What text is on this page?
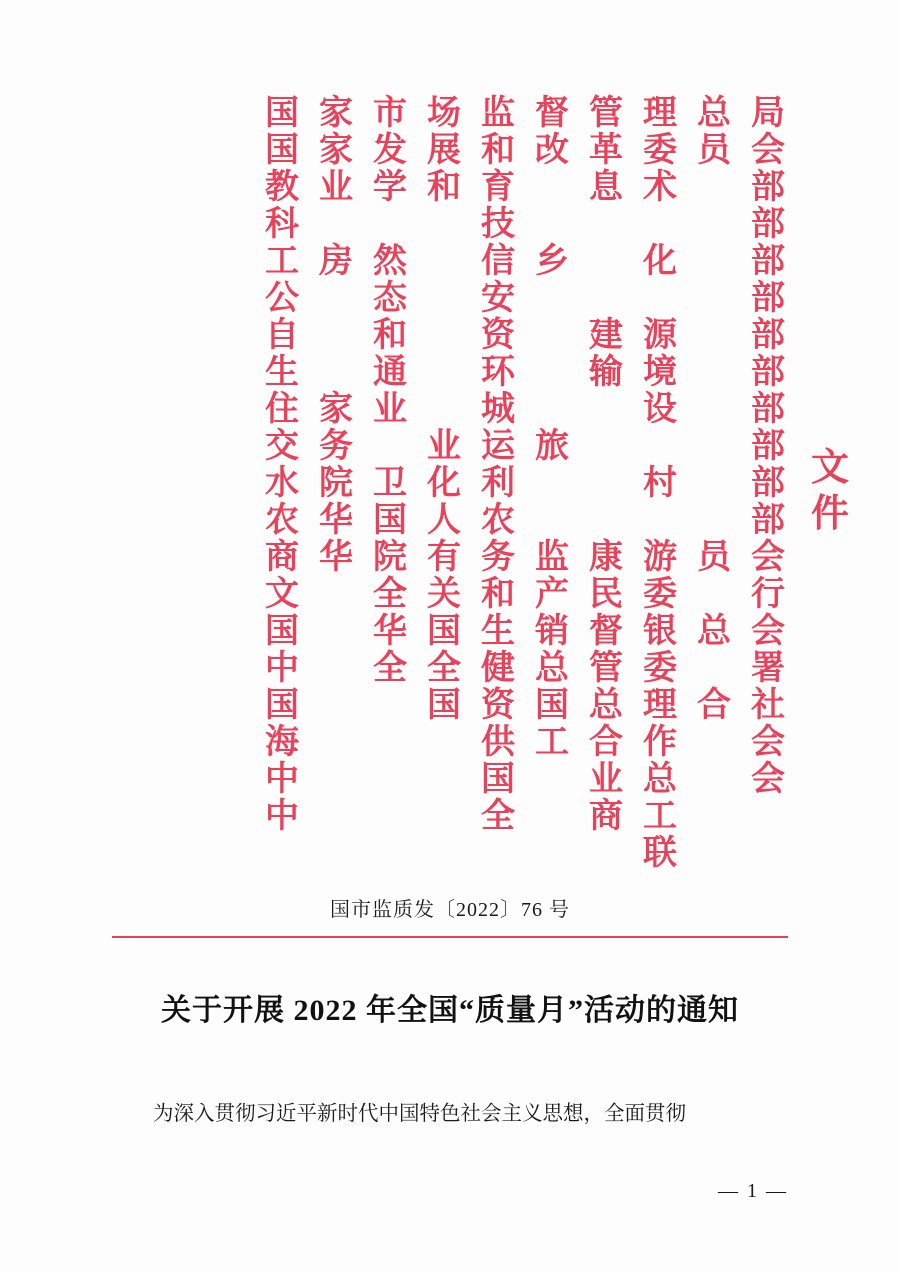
局
会
部
部
部
部
部
部
部
部
部
部
会
行
会
署
社
会
会
总
员

员

总

合

理
委
术

化

源
境
设

村

游
委
银
委
理
作
总
工
联
管
革
息

建
输

康
民
督
管
总
合
业
商
督
改

乡

旅

监
产
销
总
国
工
监
和
育
技
信
安
资
环
城
运
利
农
务
和
生
健
资
供
国
全
场
展
和

业
化
人
有
关
国
全
国
市
发
学

然
态
和
通
业

卫
国
院
全
华
全
家
家
业

房

家
务
院
华
华
国
国
教
科
工
公
自
生
住
交
水
农
商
文
国
中
国
海
中
中
文
件
国市监质发〔2022〕76 号
关于开展 2022 年全国“质量月”活动的通知
为深入贯彻习近平新时代中国特色社会主义思想，全面贯彻
— 1 —
